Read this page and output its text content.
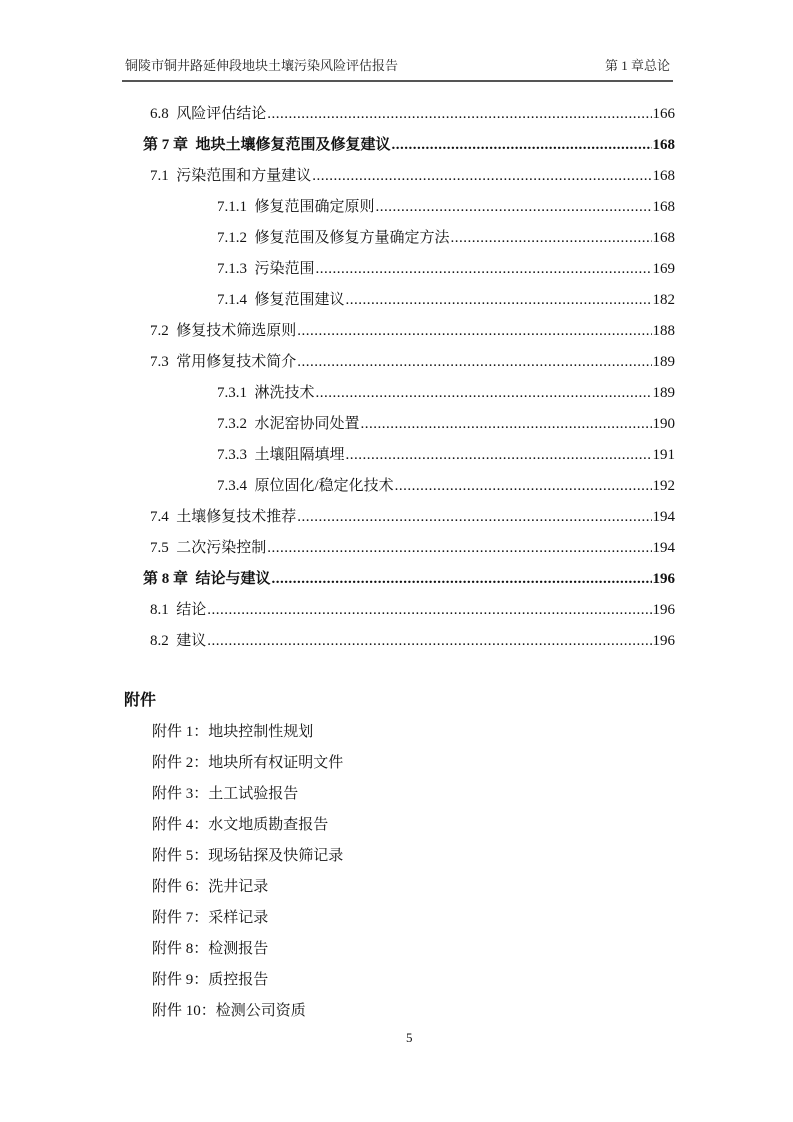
铜陵市铜井路延伸段地块土壤污染风险评估报告	第 1 章总论
6.8  风险评估结论 .....	166
第 7 章  地块土壤修复范围及修复建议 .....	168
7.1  污染范围和方量建议 .....	168
7.1.1  修复范围确定原则 .....	168
7.1.2  修复范围及修复方量确定方法 .....	168
7.1.3  污染范围 .....	169
7.1.4  修复范围建议 .....	182
7.2  修复技术筛选原则 .....	188
7.3  常用修复技术简介 .....	189
7.3.1  淋洗技术 .....	189
7.3.2  水泥窑协同处置 .....	190
7.3.3  土壤阻隔填埋 .....	191
7.3.4  原位固化/稳定化技术 .....	192
7.4  土壤修复技术推荐 .....	194
7.5  二次污染控制 .....	194
第 8 章  结论与建议 .....	196
8.1  结论 .....	196
8.2  建议 .....	196
附件
附件 1：地块控制性规划
附件 2：地块所有权证明文件
附件 3：土工试验报告
附件 4：水文地质勘查报告
附件 5：现场钻探及快筛记录
附件 6：洗井记录
附件 7：采样记录
附件 8：检测报告
附件 9：质控报告
附件 10：检测公司资质
5
